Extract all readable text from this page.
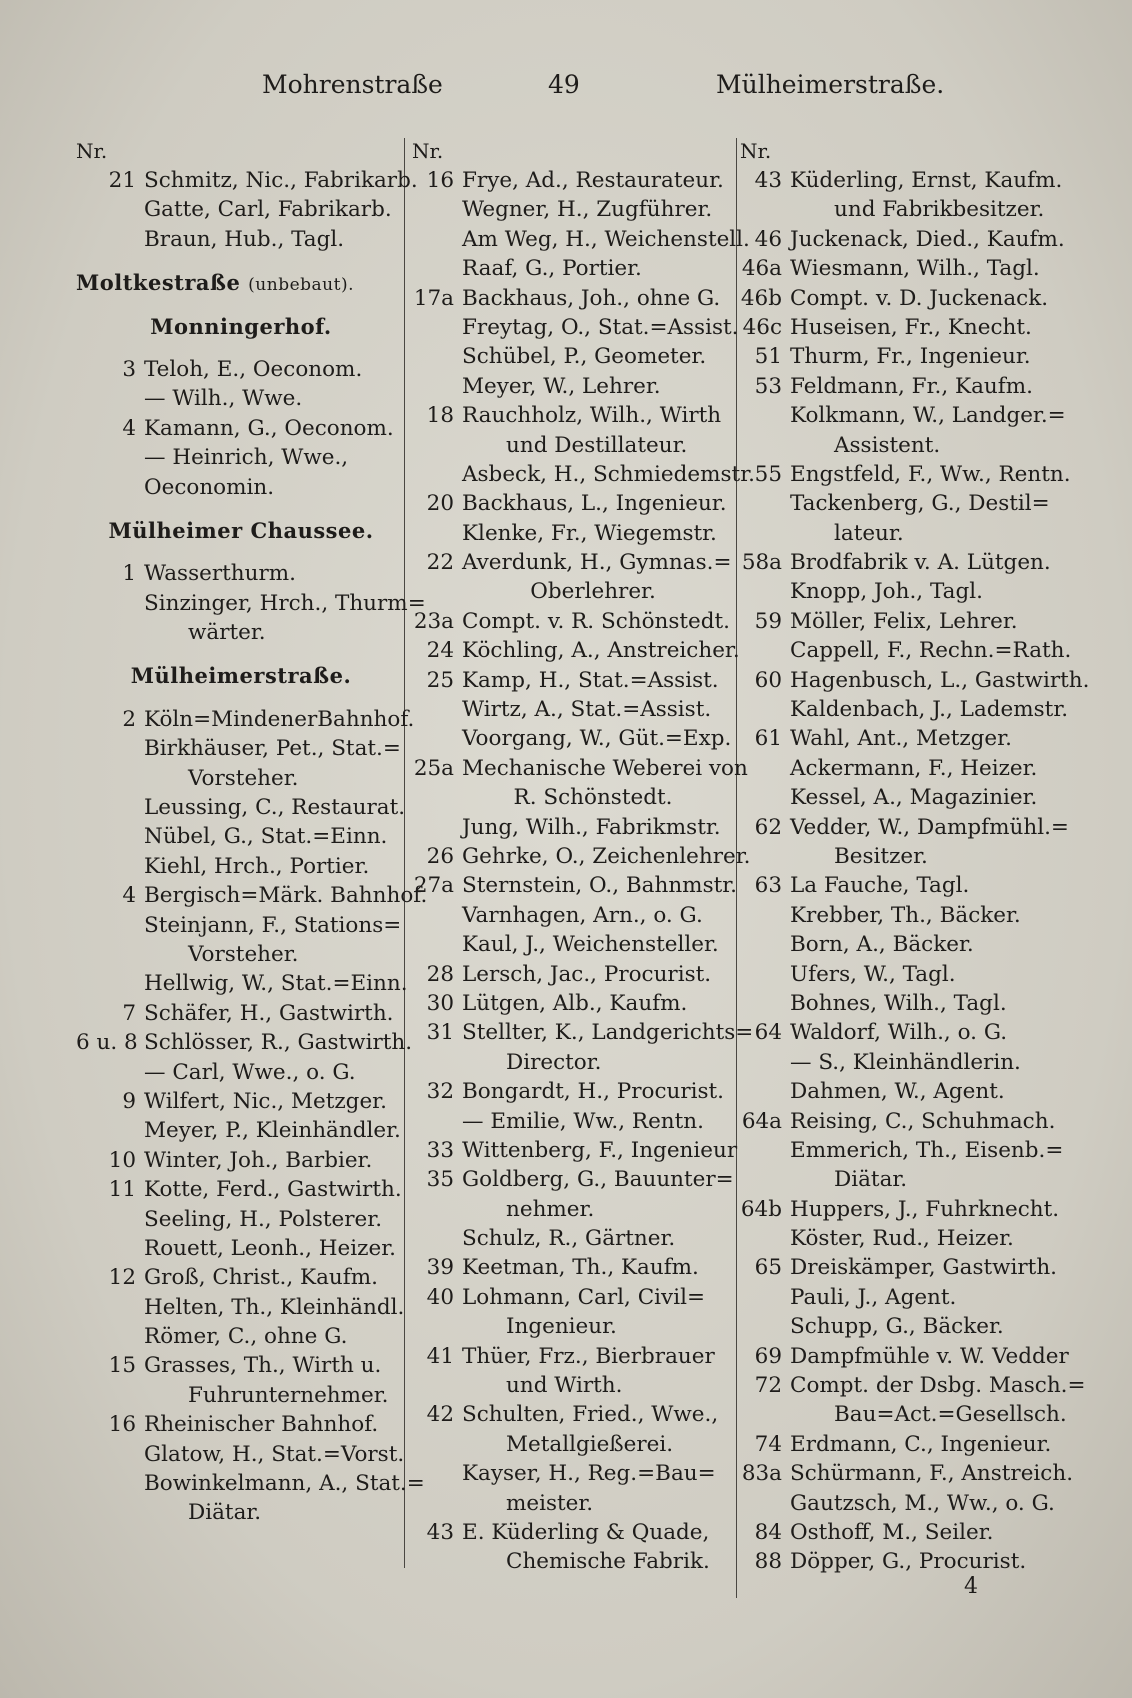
Mohrenstraße	49	Mülheimerstraße.
Nr.
21 Schmitz, Nic., Fabrikarb.
Gatte, Carl, Fabrikarb.
Braun, Hub., Tagl.
Moltkestraße (unbebaut).
Monningerhof.
3 Teloh, E., Oeconom.
— Wilh., Wwe.
4 Kamann, G., Oeconom.
— Heinrich, Wwe.,
Oeconomin.
Mülheimer Chaussee.
1 Wasserthurm.
Sinzinger, Hrch., Thurm=
wärter.
Mülheimerstraße.
2 Köln=MindenerBahnhof.
Birkhäuser, Pet., Stat.=
Vorsteher.
Leussing, C., Restaurat.
Nübel, G., Stat.=Einn.
Kiehl, Hrch., Portier.
4 Bergisch=Märk. Bahnhof.
Steinjann, F., Stations=
Vorsteher.
Hellwig, W., Stat.=Einn.
7 Schäfer, H., Gastwirth.
6 u. 8 Schlösser, R., Gastwirth.
— Carl, Wwe., o. G.
9 Wilfert, Nic., Metzger.
Meyer, P., Kleinhändler.
10 Winter, Joh., Barbier.
11 Kotte, Ferd., Gastwirth.
Seeling, H., Polsterer.
Rouett, Leonh., Heizer.
12 Groß, Christ., Kaufm.
Helten, Th., Kleinhändl.
Römer, C., ohne G.
15 Grasses, Th., Wirth u.
Fuhrunternehmer.
16 Rheinischer Bahnhof.
Glatow, H., Stat.=Vorst.
Bowinkelmann, A., Stat.=
Diätar.
Nr.
16 Frye, Ad., Restaurateur.
Wegner, H., Zugführer.
Am Weg, H., Weichenstell.
Raaf, G., Portier.
17a Backhaus, Joh., ohne G.
Freytag, O., Stat.=Assist.
Schübel, P., Geometer.
Meyer, W., Lehrer.
18 Rauchholz, Wilh., Wirth
und Destillateur.
Asbeck, H., Schmiedemstr.
20 Backhaus, L., Ingenieur.
Klenke, Fr., Wiegemstr.
22 Averdunk, H., Gymnas.=
Oberlehrer.
23a Compt. v. R. Schönstedt.
24 Köchling, A., Anstreicher.
25 Kamp, H., Stat.=Assist.
Wirtz, A., Stat.=Assist.
Voorgang, W., Güt.=Exp.
25a Mechanische Weberei von
R. Schönstedt.
Jung, Wilh., Fabrikmstr.
26 Gehrke, O., Zeichenlehrer.
27a Sternstein, O., Bahnmstr.
Varnhagen, Arn., o. G.
Kaul, J., Weichensteller.
28 Lersch, Jac., Procurist.
30 Lütgen, Alb., Kaufm.
31 Stellter, K., Landgerichts=
Director.
32 Bongardt, H., Procurist.
— Emilie, Ww., Rentn.
33 Wittenberg, F., Ingenieur
35 Goldberg, G., Bauunter=
nehmer.
Schulz, R., Gärtner.
39 Keetman, Th., Kaufm.
40 Lohmann, Carl, Civil=
Ingenieur.
41 Thüer, Frz., Bierbrauer
und Wirth.
42 Schulten, Fried., Wwe.,
Metallgießerei.
Kayser, H., Reg.=Bau=
meister.
43 E. Küderling & Quade,
Chemische Fabrik.
Nr.
43 Küderling, Ernst, Kaufm.
und Fabrikbesitzer.
46 Juckenack, Died., Kaufm.
46a Wiesmann, Wilh., Tagl.
46b Compt. v. D. Juckenack.
46c Huseisen, Fr., Knecht.
51 Thurm, Fr., Ingenieur.
53 Feldmann, Fr., Kaufm.
Kolkmann, W., Landger.=
Assistent.
55 Engstfeld, F., Ww., Rentn.
Tackenberg, G., Destil=
lateur.
58a Brodfabrik v. A. Lütgen.
Knopp, Joh., Tagl.
59 Möller, Felix, Lehrer.
Cappell, F., Rechn.=Rath.
60 Hagenbusch, L., Gastwirth.
Kaldenbach, J., Lademstr.
61 Wahl, Ant., Metzger.
Ackermann, F., Heizer.
Kessel, A., Magazinier.
62 Vedder, W., Dampfmühl.=
Besitzer.
63 La Fauche, Tagl.
Krebber, Th., Bäcker.
Born, A., Bäcker.
Ufers, W., Tagl.
Bohnes, Wilh., Tagl.
64 Waldorf, Wilh., o. G.
— S., Kleinhändlerin.
Dahmen, W., Agent.
64a Reising, C., Schuhmach.
Emmerich, Th., Eisenb.=
Diätar.
64b Huppers, J., Fuhrknecht.
Köster, Rud., Heizer.
65 Dreiskämper, Gastwirth.
Pauli, J., Agent.
Schupp, G., Bäcker.
69 Dampfmühle v. W. Vedder
72 Compt. der Dsbg. Masch.=
Bau=Act.=Gesellsch.
74 Erdmann, C., Ingenieur.
83a Schürmann, F., Anstreich.
Gautzsch, M., Ww., o. G.
84 Osthoff, M., Seiler.
88 Döpper, G., Procurist.
4
